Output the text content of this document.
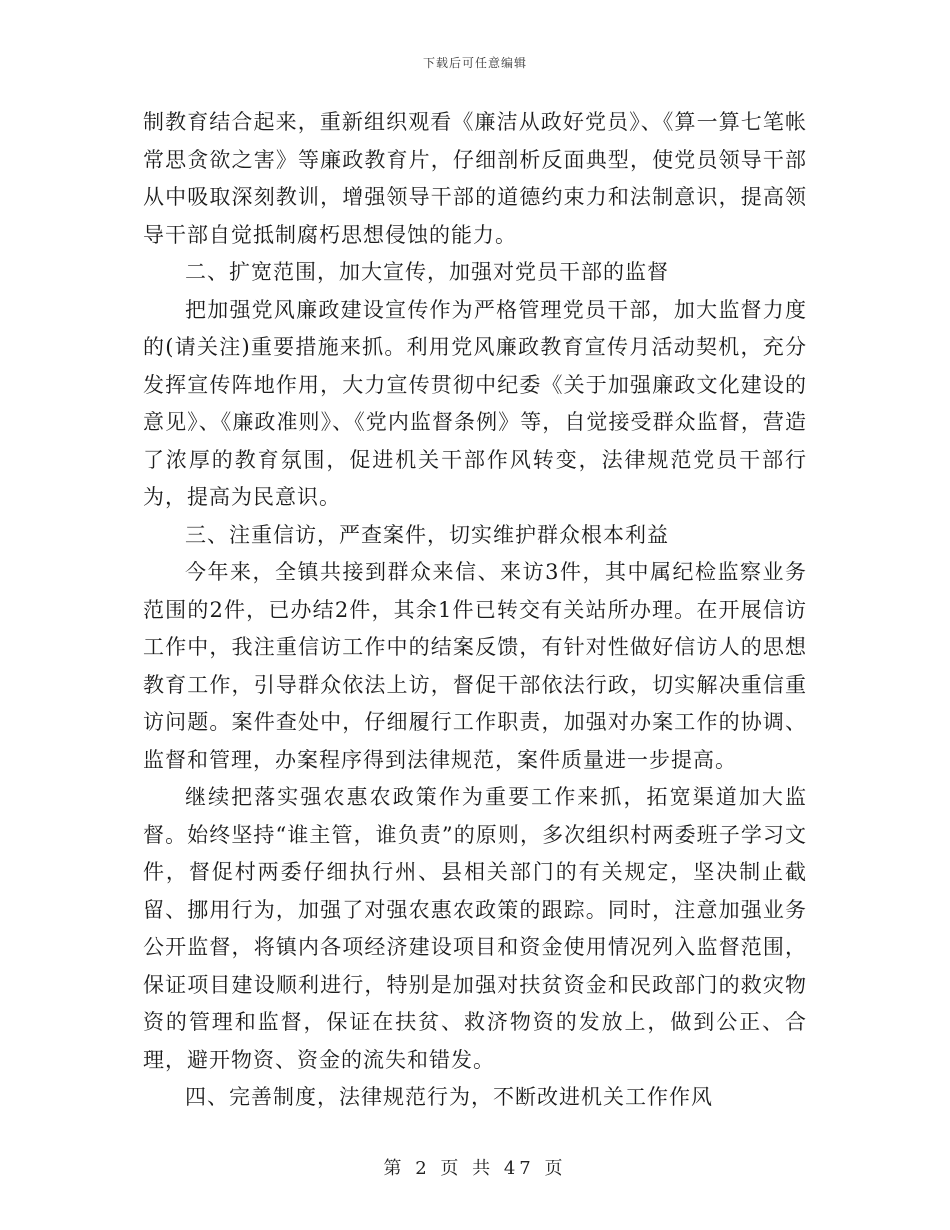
下载后可任意编辑

制教育结合起来，重新组织观看《廉洁从政好党员》、《算一算七笔帐 常思贪欲之害》等廉政教育片，仔细剖析反面典型，使党员领导干部从中吸取深刻教训，增强领导干部的道德约束力和法制意识，提高领导干部自觉抵制腐朽思想侵蚀的能力。

二、扩宽范围，加大宣传，加强对党员干部的监督

把加强党风廉政建设宣传作为严格管理党员干部，加大监督力度的(请关注)重要措施来抓。利用党风廉政教育宣传月活动契机，充分发挥宣传阵地作用，大力宣传贯彻中纪委《关于加强廉政文化建设的意见》、《廉政准则》、《党内监督条例》等，自觉接受群众监督，营造了浓厚的教育氛围，促进机关干部作风转变，法律规范党员干部行为，提高为民意识。

三、注重信访，严查案件，切实维护群众根本利益

今年来，全镇共接到群众来信、来访3件，其中属纪检监察业务范围的2件，已办结2件，其余1件已转交有关站所办理。在开展信访工作中，我注重信访工作中的结案反馈，有针对性做好信访人的思想教育工作，引导群众依法上访，督促干部依法行政，切实解决重信重访问题。案件查处中，仔细履行工作职责，加强对办案工作的协调、监督和管理，办案程序得到法律规范，案件质量进一步提高。

继续把落实强农惠农政策作为重要工作来抓，拓宽渠道加大监督。始终坚持“谁主管，谁负责”的原则，多次组织村两委班子学习文件，督促村两委仔细执行州、县相关部门的有关规定，坚决制止截留、挪用行为，加强了对强农惠农政策的跟踪。同时，注意加强业务公开监督，将镇内各项经济建设项目和资金使用情况列入监督范围，保证项目建设顺利进行，特别是加强对扶贫资金和民政部门的救灾物资的管理和监督，保证在扶贫、救济物资的发放上，做到公正、合理，避开物资、资金的流失和错发。

四、完善制度，法律规范行为，不断改进机关工作作风

第 2 页 共 47 页
